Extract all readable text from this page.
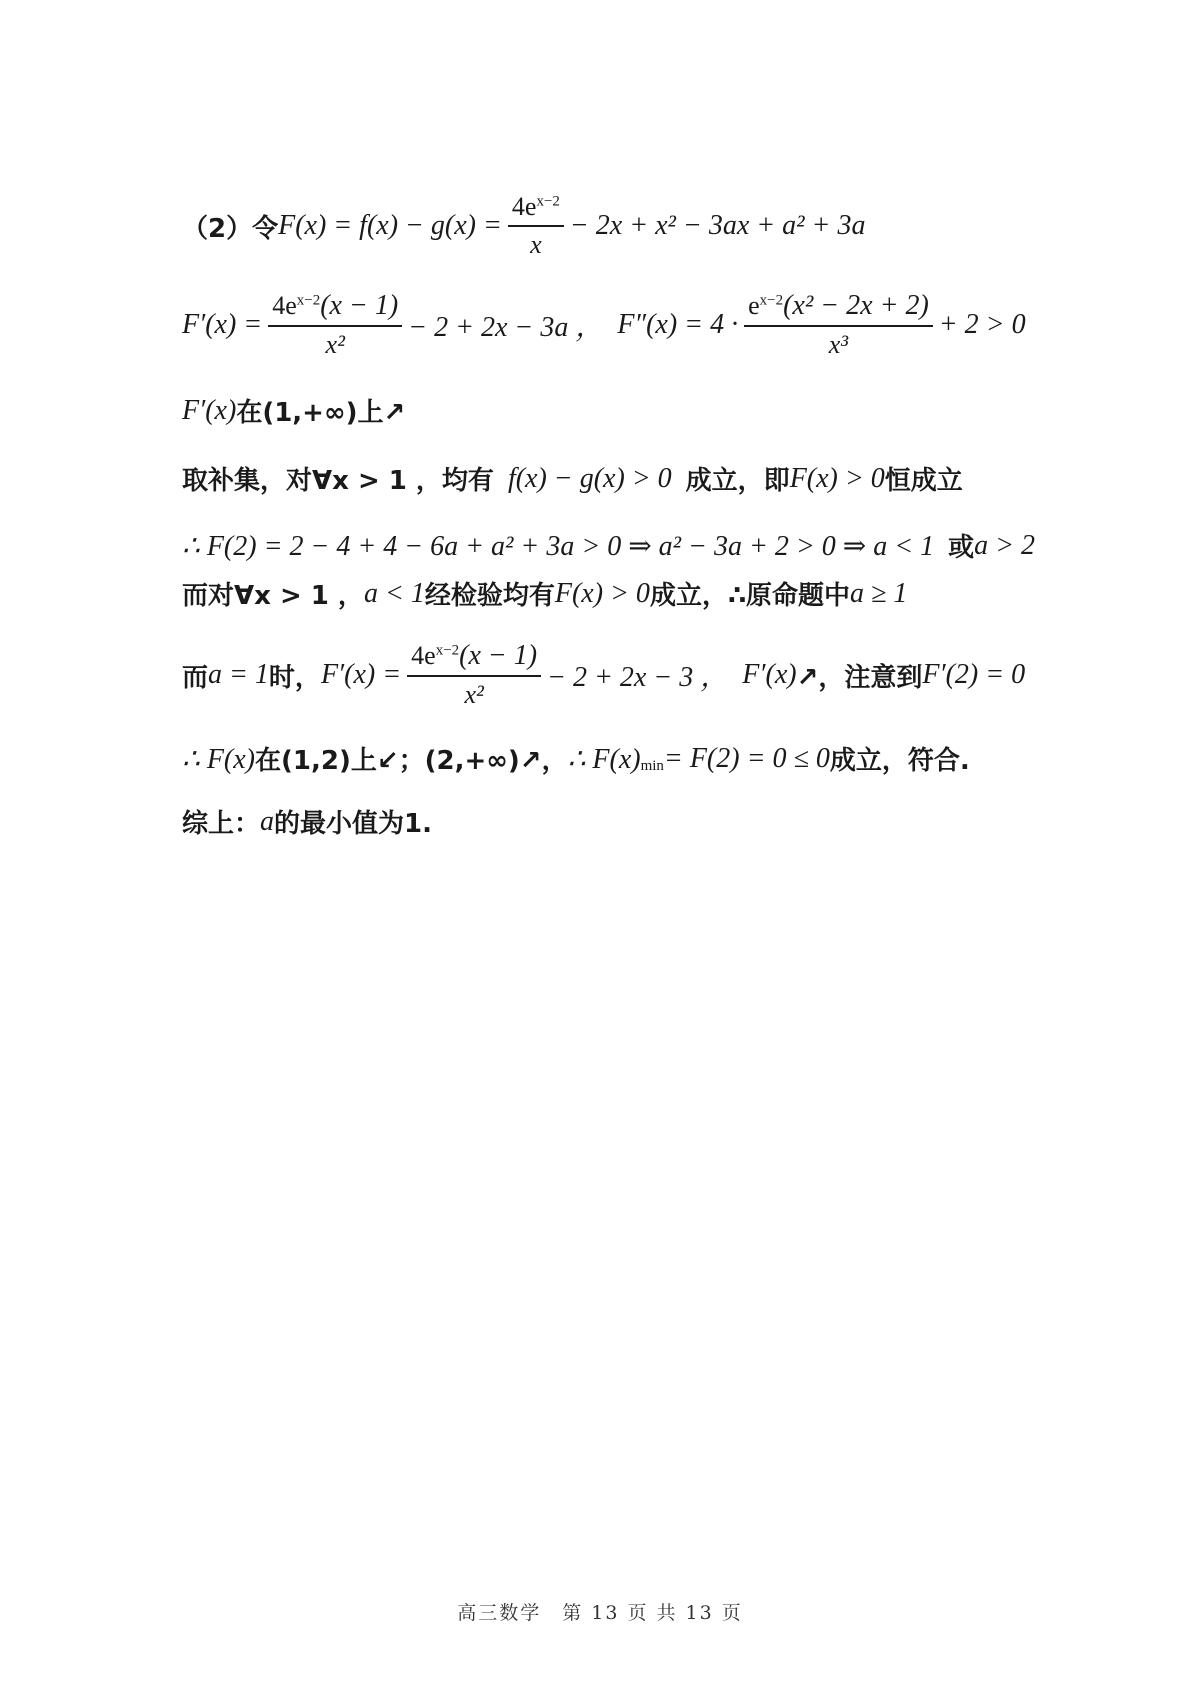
（2）令 $F(x) = f(x) - g(x) = \frac{4e^{x-2}}{x} - 2x + x^2 - 3ax + a^2 + 3a$
$F'(x) = \frac{4e^{x-2}(x - 1)}{\text{x²}} - 2 + 2x - 3a$ ， $F''(x) = 4 \cdot \frac{e^{x-2}(x^2 - 2x + 2)}{\text{x³}} + 2 > 0$
F′(x) 在(1,+∞)上↗
取补集，对∀x > 1 ，均有 f(x) − g(x) > 0 成立，即 F(x) > 0 恒成立
∴ F(2) = 2 − 4 + 4 − 6a + a² + 3a > 0 ⇒ a² − 3a + 2 > 0 ⇒ a < 1 或 a > 2
而对∀x > 1 ， a < 1 经检验均有 F(x) > 0 成立，∴原命题中 a ≥ 1
而 a = 1 时， $F'(x) = \frac{4e^{x-2}(x - 1)}{\text{x²}} - 2 + 2x - 3$ ， F′(x) ↗，注意到 F′(2) = 0
∴ F(x) 在(1,2)上↙；(2,+∞)↗， ∴ $F(x)_{min} = F(2) = 0 \le 0$ 成立，符合.
综上： a 的最小值为1.
高三数学　第 13 页 共 13 页
